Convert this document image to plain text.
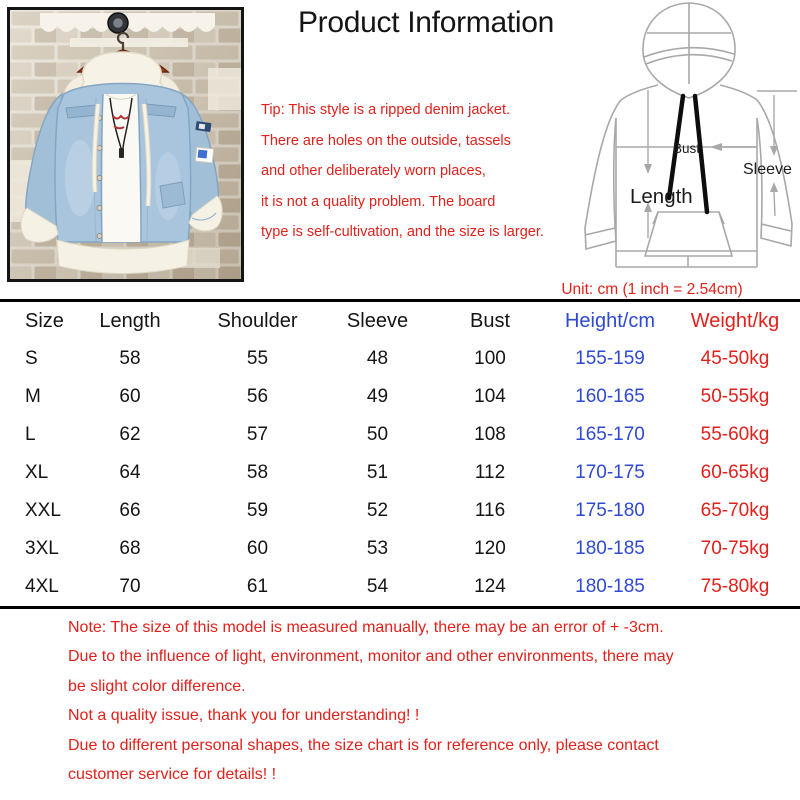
Product Information
Tip: This style is a ripped denim jacket.
There are holes on the outside, tassels
and other deliberately worn places,
it is not a quality problem. The board
type is self-cultivation, and the size is larger.
Bust
Length
Sleeve
Unit: cm (1 inch = 2.54cm)
Size	Length	Shoulder	Sleeve	Bust	Height/cm	Weight/kg
S	58	55	48	100	155-159	45-50kg
M	60	56	49	104	160-165	50-55kg
L	62	57	50	108	165-170	55-60kg
XL	64	58	51	112	170-175	60-65kg
XXL	66	59	52	116	175-180	65-70kg
3XL	68	60	53	120	180-185	70-75kg
4XL	70	61	54	124	180-185	75-80kg
Note: The size of this model is measured manually, there may be an error of + -3cm.
Due to the influence of light, environment, monitor and other environments, there may
be slight color difference.
Not a quality issue, thank you for understanding! !
Due to different personal shapes, the size chart is for reference only, please contact
customer service for details! !
